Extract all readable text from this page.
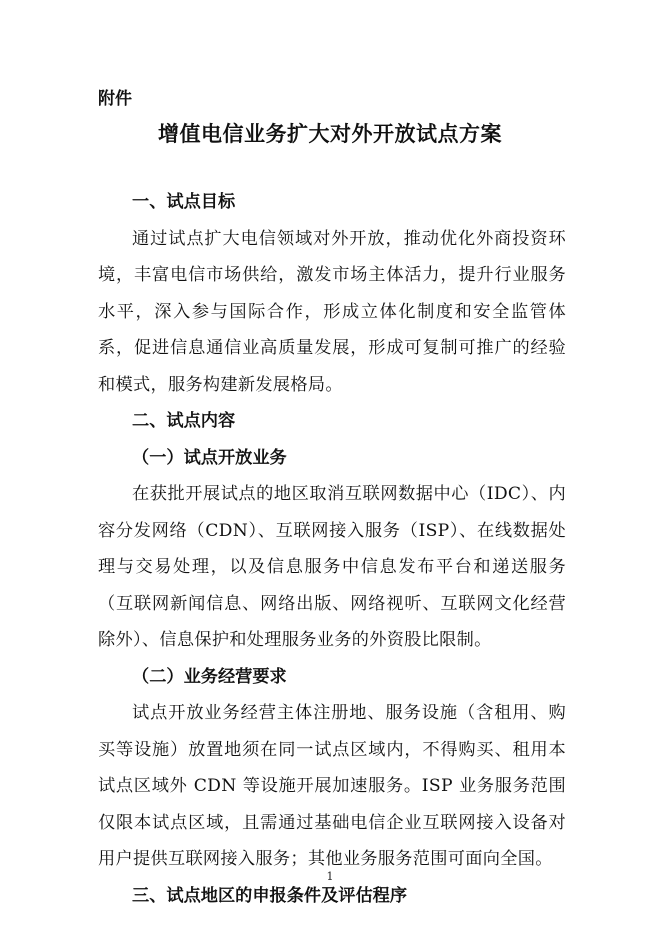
附件
增值电信业务扩大对外开放试点方案

一、试点目标

通过试点扩大电信领域对外开放，推动优化外商投资环境，丰富电信市场供给，激发市场主体活力，提升行业服务水平，深入参与国际合作，形成立体化制度和安全监管体系，促进信息通信业高质量发展，形成可复制可推广的经验和模式，服务构建新发展格局。

二、试点内容

（一）试点开放业务

在获批开展试点的地区取消互联网数据中心（IDC）、内容分发网络（CDN）、互联网接入服务（ISP）、在线数据处理与交易处理，以及信息服务中信息发布平台和递送服务（互联网新闻信息、网络出版、网络视听、互联网文化经营除外）、信息保护和处理服务业务的外资股比限制。

（二）业务经营要求

试点开放业务经营主体注册地、服务设施（含租用、购买等设施）放置地须在同一试点区域内，不得购买、租用本试点区域外 CDN 等设施开展加速服务。ISP 业务服务范围仅限本试点区域，且需通过基础电信企业互联网接入设备对用户提供互联网接入服务；其他业务服务范围可面向全国。

三、试点地区的申报条件及评估程序

1
